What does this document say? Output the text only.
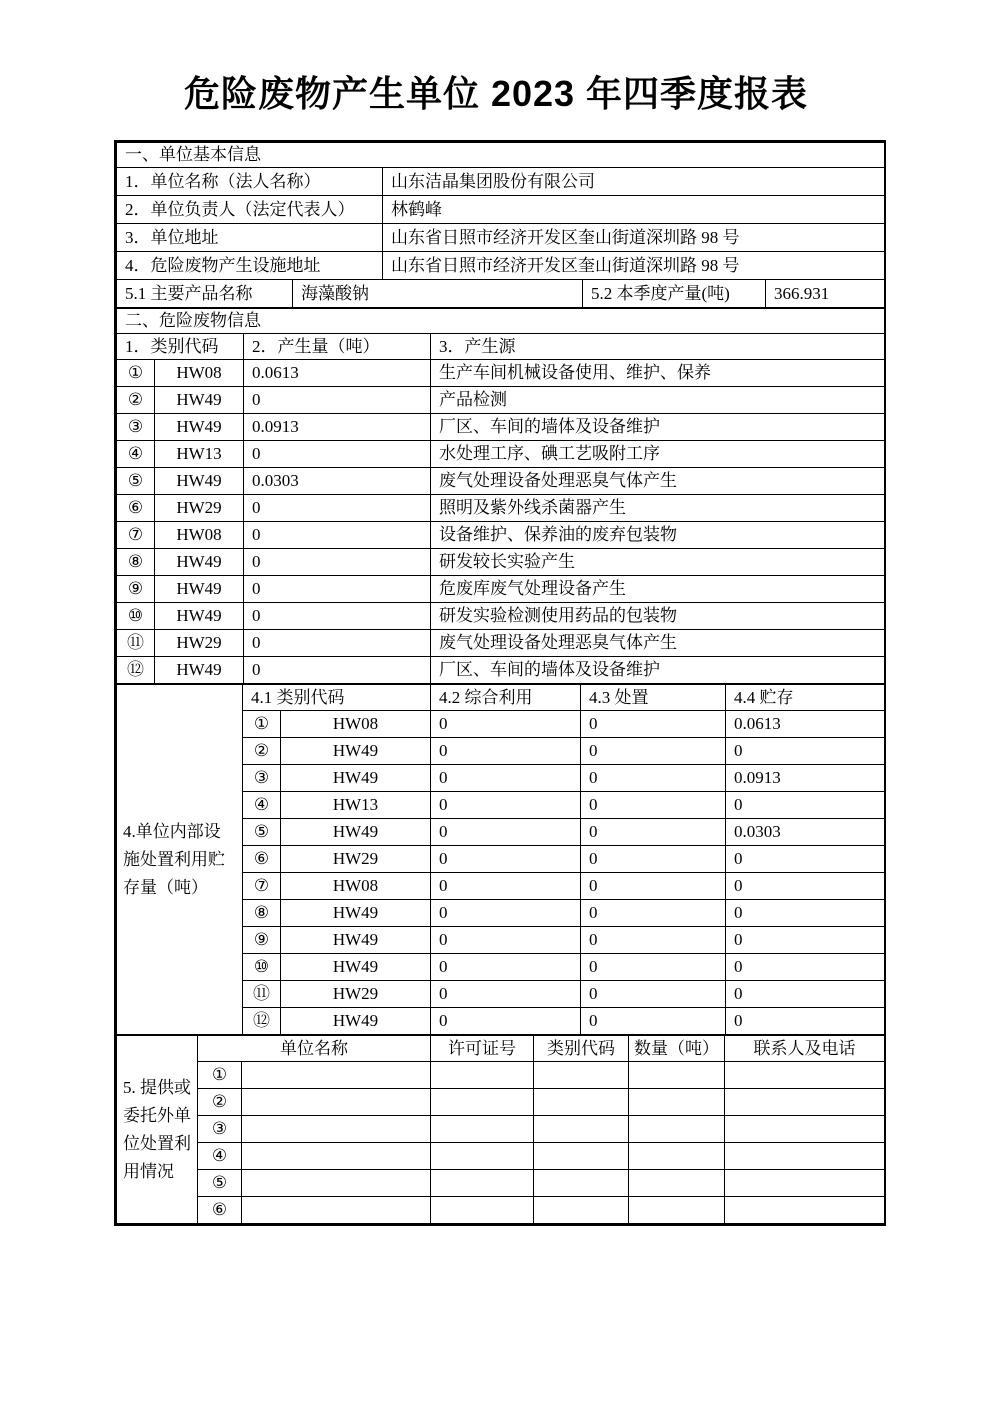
危险废物产生单位 2023 年四季度报表
一、单位基本信息				
1．单位名称（法人名称）		山东洁晶集团股份有限公司		
2．单位负责人（法定代表人）		林鹤峰		
3．单位地址		山东省日照市经济开发区奎山街道深圳路 98 号		
4．危险废物产生设施地址		山东省日照市经济开发区奎山街道深圳路 98 号		
5.1 主要产品名称	海藻酸钠		5.2 本季度产量(吨)	366.931
二、危险废物信息			
1．类别代码		2．产生量（吨）	3．产生源
①	HW08	0.0613	生产车间机械设备使用、维护、保养
②	HW49	0	产品检测
③	HW49	0.0913	厂区、车间的墙体及设备维护
④	HW13	0	水处理工序、碘工艺吸附工序
⑤	HW49	0.0303	废气处理设备处理恶臭气体产生
⑥	HW29	0	照明及紫外线杀菌器产生
⑦	HW08	0	设备维护、保养油的废弃包装物
⑧	HW49	0	研发较长实验产生
⑨	HW49	0	危废库废气处理设备产生
⑩	HW49	0	研发实验检测使用药品的包装物
⑪	HW29	0	废气处理设备处理恶臭气体产生
⑫	HW49	0	厂区、车间的墙体及设备维护
4.单位内部设施处置利用贮存量（吨）	4.1 类别代码		4.2 综合利用	4.3 处置	4.4 贮存
	①	HW08	0	0	0.0613
	②	HW49	0	0	0
	③	HW49	0	0	0.0913
	④	HW13	0	0	0
	⑤	HW49	0	0	0.0303
	⑥	HW29	0	0	0
	⑦	HW08	0	0	0
	⑧	HW49	0	0	0
	⑨	HW49	0	0	0
	⑩	HW49	0	0	0
	⑪	HW29	0	0	0
	⑫	HW49	0	0	0
5. 提供或委托外单位处置利用情况	单位名称		许可证号	类别代码	数量（吨）	联系人及电话
	①					
	②					
	③					
	④					
	⑤					
	⑥					
